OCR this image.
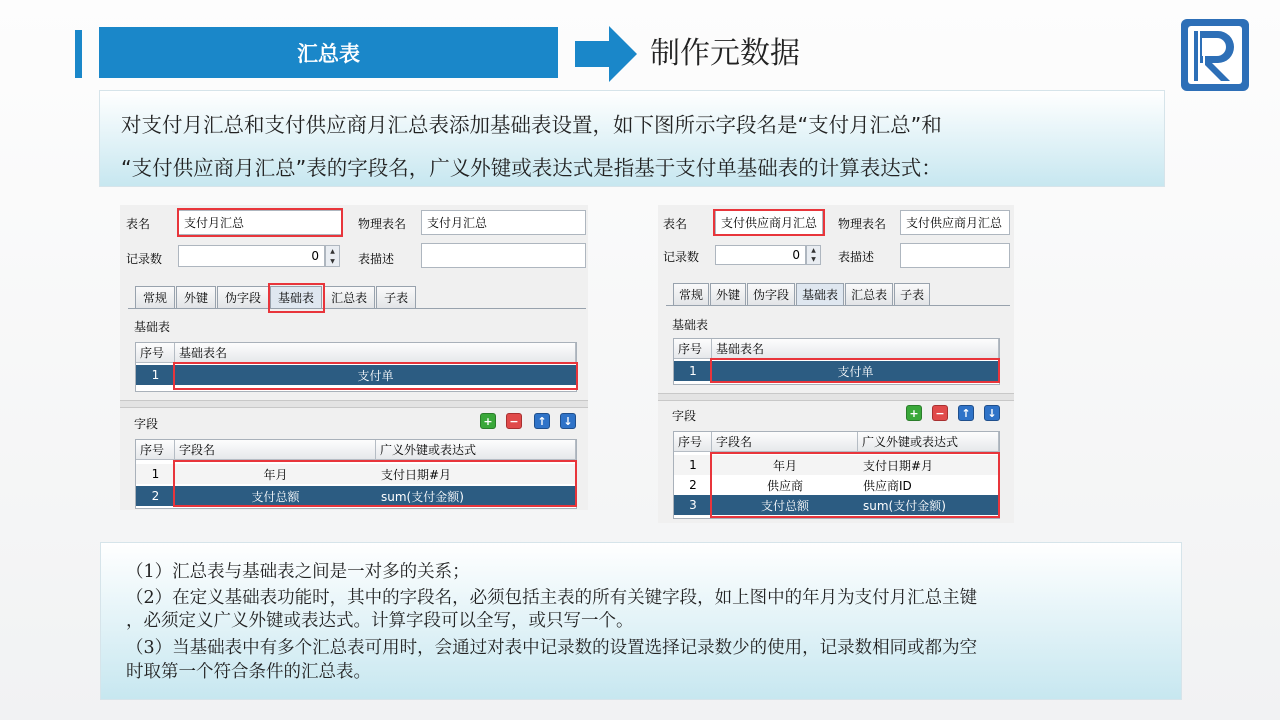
汇总表	制作元数据

对支付月汇总和支付供应商月汇总表添加基础表设置，如下图所示字段名是“支付月汇总”和

“支付供应商月汇总”表的字段名，广义外键或表达式是指基于支付单基础表的计算表达式：

表名	支付月汇总	物理表名	支付月汇总
记录数	0	▲
▼ 表描述
常规	外键	伪字段	基础表	汇总表	子表
基础表
序号	基础表名
1	支付单
字段	+	−	↑	↓
序号	字段名	广义外键或表达式
1	年月	支付日期#月
2	支付总额	sum(支付金额)
表名	支付供应商月汇总	物理表名	支付供应商月汇总
记录数	0	▲
▼ 表描述
常规	外键	伪字段	基础表	汇总表	子表
基础表
序号	基础表名
1	支付单
字段	+	−	↑	↓
序号	字段名	广义外键或表达式
1	年月	支付日期#月
2	供应商	供应商ID
3	支付总额	sum(支付金额)

（1）汇总表与基础表之间是一对多的关系；

（2）在定义基础表功能时，其中的字段名，必须包括主表的所有关键字段，如上图中的年月为支付月汇总主键

，必须定义广义外键或表达式。计算字段可以全写，或只写一个。

（3）当基础表中有多个汇总表可用时，会通过对表中记录数的设置选择记录数少的使用，记录数相同或都为空

时取第一个符合条件的汇总表。
